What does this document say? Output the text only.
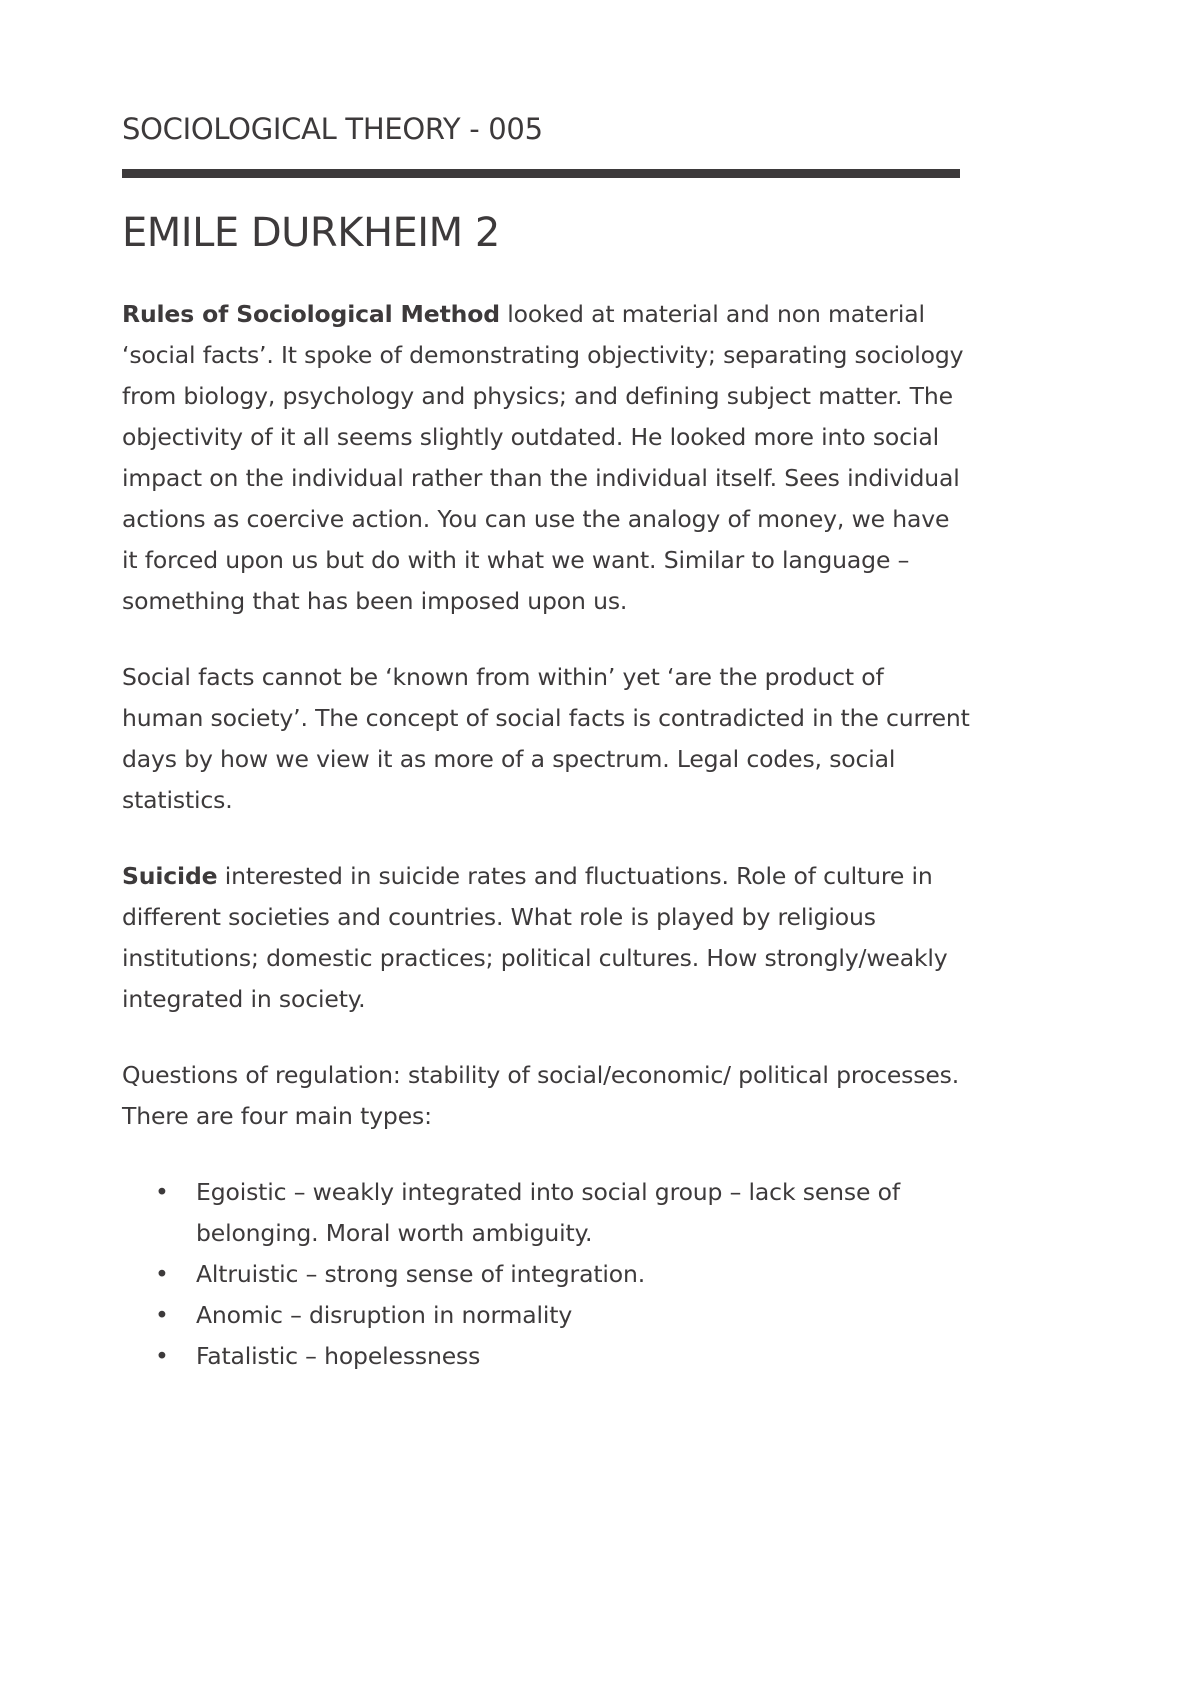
SOCIOLOGICAL THEORY - 005
EMILE DURKHEIM 2

Rules of Sociological Method looked at material and non material ‘social facts’. It spoke of demonstrating objectivity; separating sociology from biology, psychology and physics; and defining subject matter. The objectivity of it all seems slightly outdated. He looked more into social impact on the individual rather than the individual itself. Sees individual actions as coercive action. You can use the analogy of money, we have it forced upon us but do with it what we want. Similar to language – something that has been imposed upon us.

Social facts cannot be ‘known from within’ yet ‘are the product of human society’. The concept of social facts is contradicted in the current days by how we view it as more of a spectrum. Legal codes, social statistics.

Suicide interested in suicide rates and fluctuations. Role of culture in different societies and countries. What role is played by religious institutions; domestic practices; political cultures. How strongly/weakly integrated in society.

Questions of regulation: stability of social/economic/ political processes. There are four main types:

• Egoistic – weakly integrated into social group – lack sense of belonging. Moral worth ambiguity.
• Altruistic – strong sense of integration.
• Anomic – disruption in normality
• Fatalistic – hopelessness
